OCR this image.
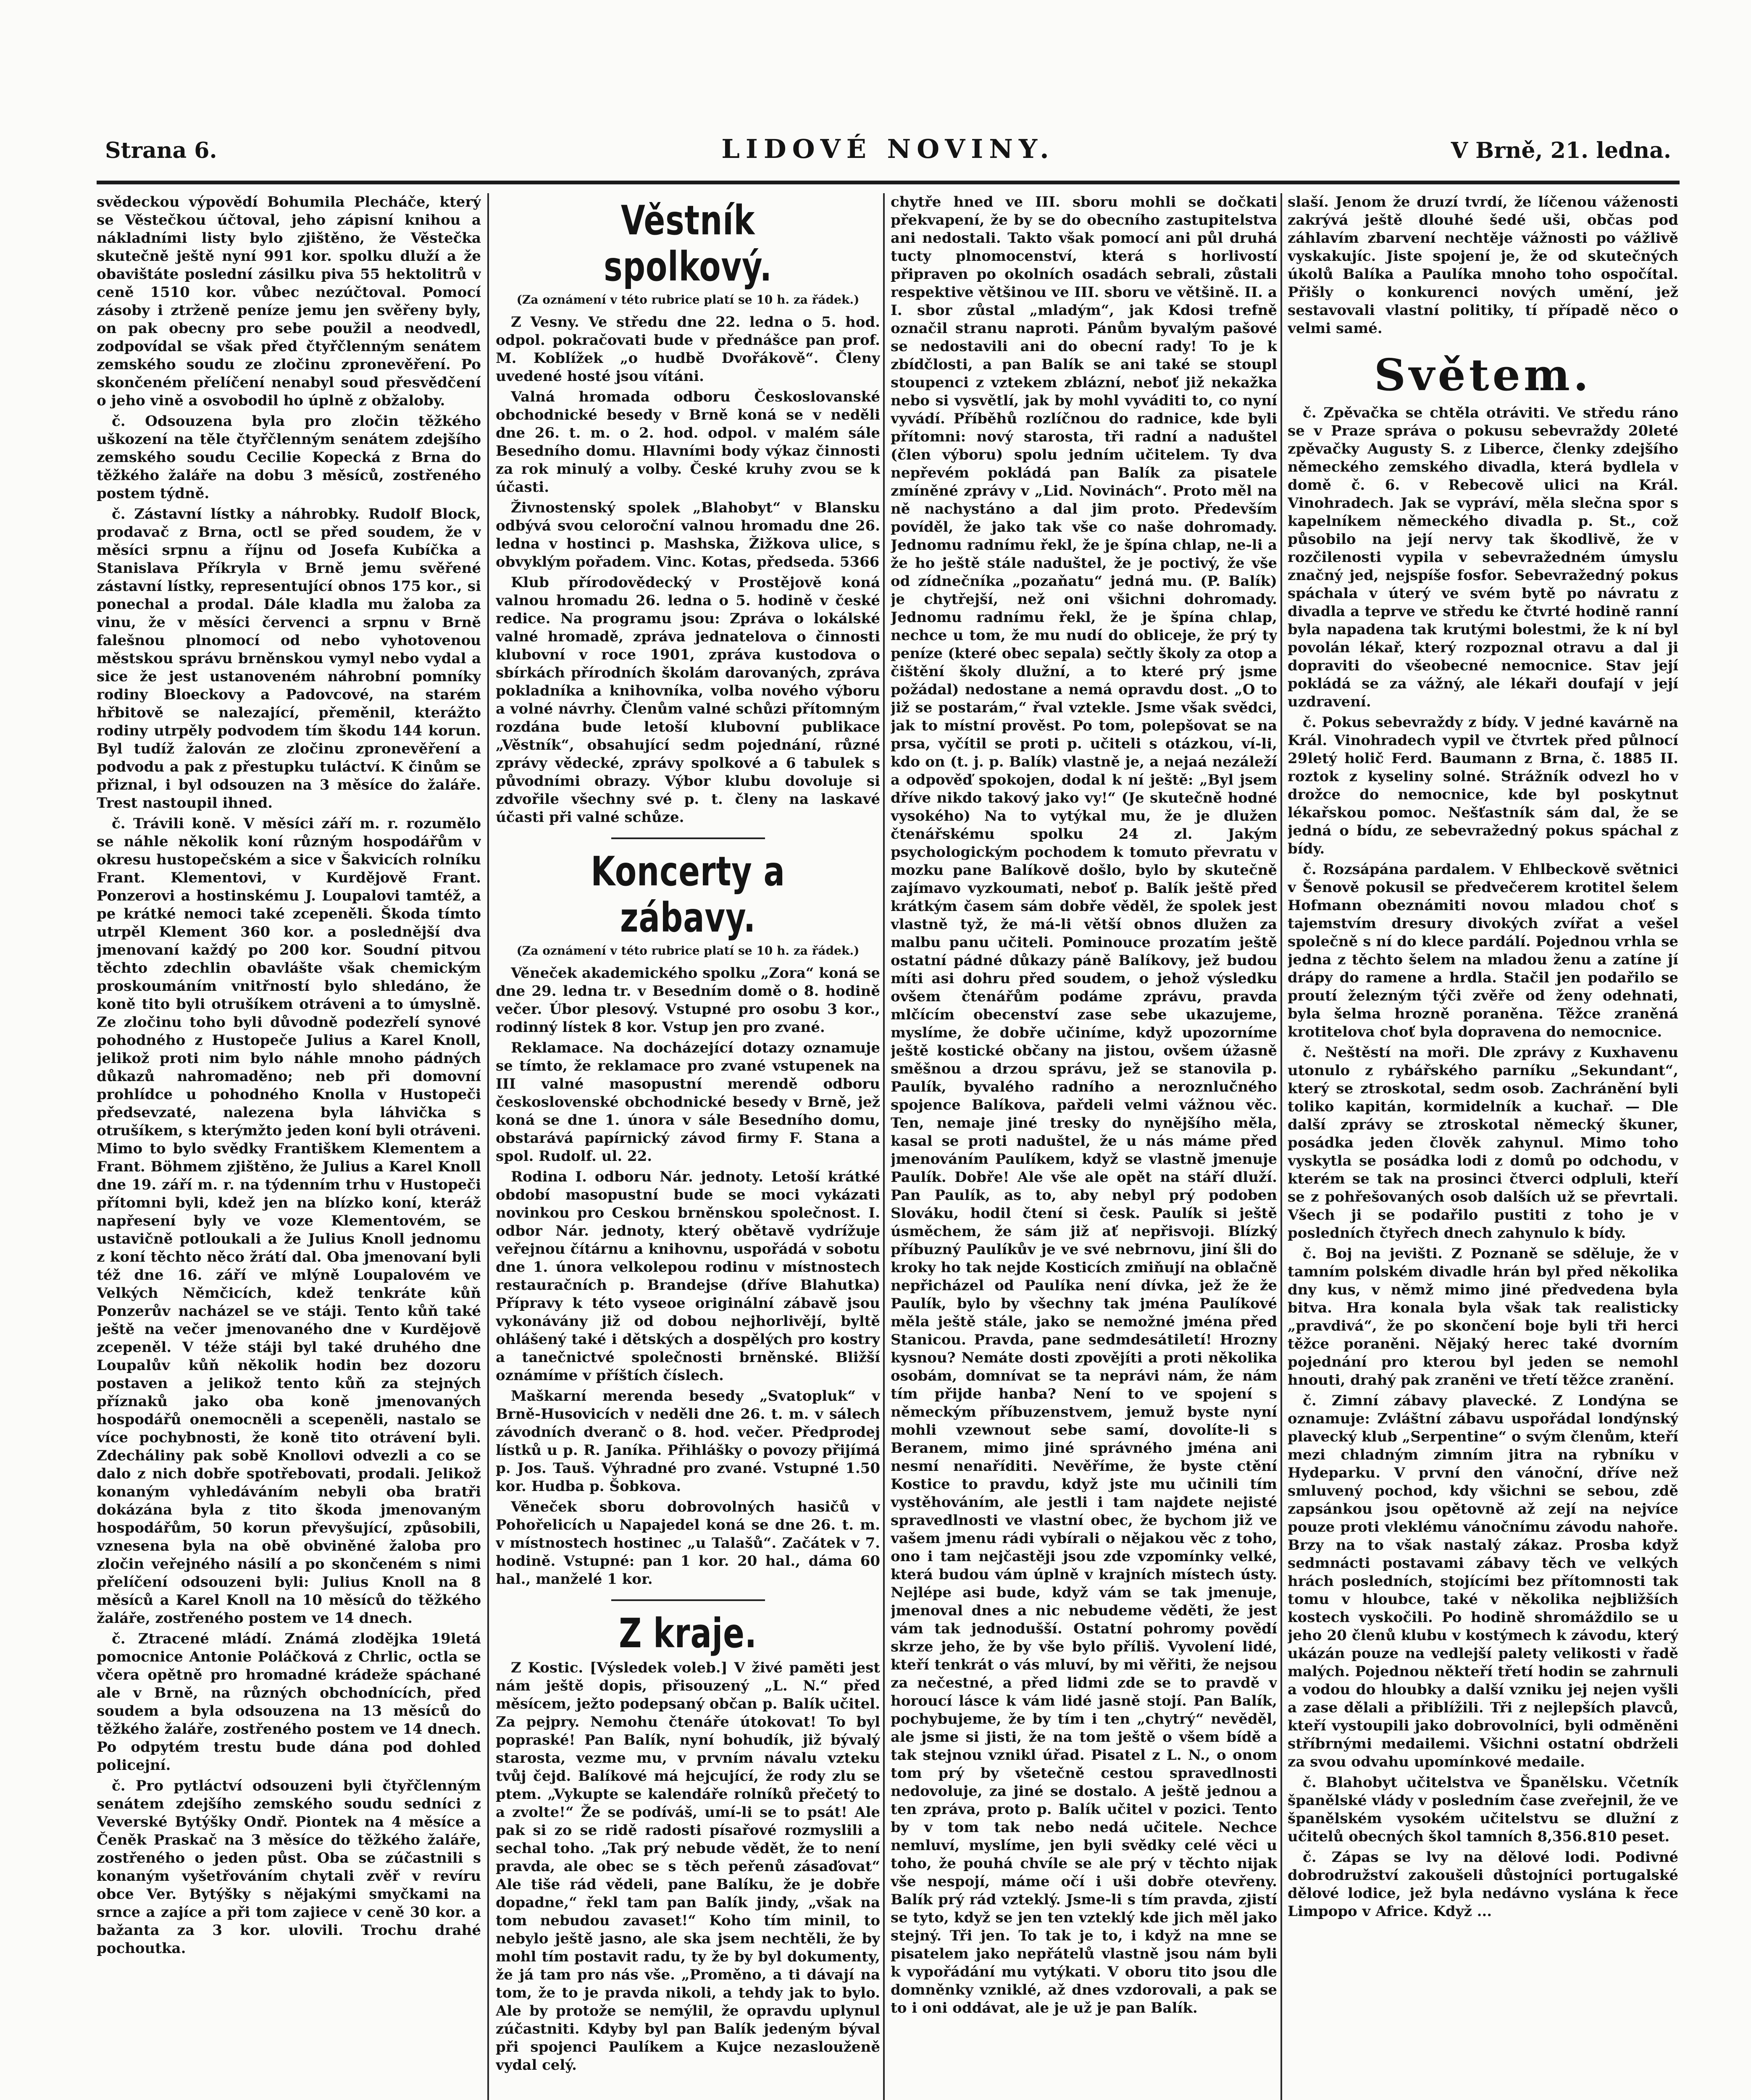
Strana 6.	LIDOVÉ NOVINY.	V Brně, 21. ledna.

svědeckou výpovědí Bohumila Plecháče, který se Věstečkou účtoval, jeho zápisní knihou a nákladními listy bylo zjištěno, že Věstečka skutečně ještě nyní 991 kor. spolku dluží a že obavištáte poslední zásilku piva 55 hektolitrů v ceně 1510 kor. vůbec nezúčtoval. Pomocí zásoby i ztrženě peníze jemu jen svěřeny byly, on pak obecny pro sebe použil a neodvedl, zodpovídal se však před čtyřčlenným senátem zemského soudu ze zločinu zpronevěření. Po skončeném přelíčení nenabyl soud přesvědčení o jeho vině a osvobodil ho úplně z obžaloby.

č. Odsouzena byla pro zločin těžkého uškození na těle čtyřčlenným senátem zdejšího zemského soudu Cecilie Kopecká z Brna do těžkého žaláře na dobu 3 měsíců, zostřeného postem týdně.

č. Zástavní lístky a náhrobky. Rudolf Block, prodavač z Brna, octl se před soudem, že v měsíci srpnu a říjnu od Josefa Kubíčka a Stanislava Příkryla v Brně jemu svěřené zástavní lístky, representující obnos 175 kor., si ponechal a prodal. Dále kladla mu žaloba za vinu, že v měsíci červenci a srpnu v Brně falešnou plnomocí od nebo vyhotovenou městskou správu brněnskou vymyl nebo vydal a sice že jest ustanoveném náhrobní pomníky rodiny Bloeckovy a Padovcové, na starém hřbitově se nalezající, přeměnil, kterážto rodiny utrpěly podvodem tím škodu 144 korun. Byl tudíž žalován ze zločinu zpronevěření a podvodu a pak z přestupku tuláctví. K činům se přiznal, i byl odsouzen na 3 měsíce do žaláře. Trest nastoupil ihned.

č. Trávili koně. V měsíci září m. r. rozumělo se náhle několik koní různým hospodářům v okresu hustopečském a sice v Šakvicích rolníku Frant. Klementovi, v Kurdějově Frant. Ponzerovi a hostinskému J. Loupalovi tamtéž, a pe krátké nemoci také zcepeněli. Škoda tímto utrpěl Klement 360 kor. a poslednější dva jmenovaní každý po 200 kor. Soudní pitvou těchto zdechlin obavlášte však chemickým proskoumáním vnitřností bylo shledáno, že koně tito byli otrušíkem otráveni a to úmyslně. Ze zločinu toho byli důvodně podezřelí synové pohodného z Hustopeče Julius a Karel Knoll, jelikož proti nim bylo náhle mnoho pádných důkazů nahromaděno; neb při domovní prohlídce u pohodného Knolla v Hustopeči předsevzaté, nalezena byla láhvička s otrušíkem, s kterýmžto jeden koní byli otráveni. Mimo to bylo svědky Františkem Klementem a Frant. Böhmem zjištěno, že Julius a Karel Knoll dne 19. září m. r. na týdenním trhu v Hustopeči přítomni byli, kdež jen na blízko koní, kteráž napřesení byly ve voze Klementovém, se ustavičně potloukali a že Julius Knoll jednomu z koní těchto něco žrátí dal. Oba jmenovaní byli též dne 16. září ve mlýně Loupalovém ve Velkých Němčicích, kdež tenkráte kůň Ponzerův nacházel se ve stáji. Tento kůň také ještě na večer jmenovaného dne v Kurdějově zcepeněl. V téže stáji byl také druhého dne Loupalův kůň několik hodin bez dozoru postaven a jelikož tento kůň za stejných příznaků jako oba koně jmenovaných hospodářů onemocněli a scepeněli, nastalo se více pochybnosti, že koně tito otrávení byli. Zdecháliny pak sobě Knollovi odvezli a co se dalo z nich dobře spotřebovati, prodali. Jelikož konaným vyhledáváním nebyli oba bratři dokázána byla z tito škoda jmenovaným hospodářům, 50 korun převyšující, způsobili, vznesena byla na obě obviněné žaloba pro zločin veřejného násilí a po skončeném s nimi přelíčení odsouzeni byli: Julius Knoll na 8 měsíců a Karel Knoll na 10 měsíců do těžkého žaláře, zostřeného postem ve 14 dnech.

č. Ztracené mládí. Známá zlodějka 19letá pomocnice Antonie Poláčková z Chrlic, octla se včera opětně pro hromadné krádeže spáchané ale v Brně, na různých obchodnících, před soudem a byla odsouzena na 13 měsíců do těžkého žaláře, zostřeného postem ve 14 dnech. Po odpytém trestu bude dána pod dohled policejní.

č. Pro pytláctví odsouzeni byli čtyřčlenným senátem zdejšího zemského soudu sedníci z Veverské Bytýšky Ondř. Piontek na 4 měsíce a Čeněk Praskač na 3 měsíce do těžkého žaláře, zostřeného o jeden půst. Oba se zúčastnili s konaným vyšetřováním chytali zvěř v revíru obce Ver. Bytýšky s nějakými smyčkami na srnce a zajíce a při tom zajiece v ceně 30 kor. a bažanta za 3 kor. ulovili. Trochu drahé pochoutka.

Věstník spolkový.
(Za oznámení v této rubrice platí se 10 h. za řádek.)

Z Vesny. Ve středu dne 22. ledna o 5. hod. odpol. pokračovati bude v přednášce pan prof. M. Koblížek „o hudbě Dvořákově“. Členy uvedené hosté jsou vítáni.

Valná hromada odboru Českoslovanské obchodnické besedy v Brně koná se v neděli dne 26. t. m. o 2. hod. odpol. v malém sále Besedního domu. Hlavními body výkaz činnosti za rok minulý a volby. České kruhy zvou se k účasti.

Živnostenský spolek „Blahobyt“ v Blansku odbývá svou celoroční valnou hromadu dne 26. ledna v hostinci p. Mashska, Žižkova ulice, s obvyklým pořadem. Vinc. Kotas, předseda. 5366

Klub přírodovědecký v Prostějově koná valnou hromadu 26. ledna o 5. hodině v české redice. Na programu jsou: Zpráva o lokálské valné hromadě, zpráva jednatelova o činnosti klubovní v roce 1901, zpráva kustodova o sbírkách přírodních školám darovaných, zpráva pokladníka a knihovníka, volba nového výboru a volné návrhy. Členům valné schůzi přítomným rozdána bude letoší klubovní publikace „Věstník“, obsahující sedm pojednání, různé zprávy vědecké, zprávy spolkové a 6 tabulek s původními obrazy. Výbor klubu dovoluje si zdvořile všechny své p. t. členy na laskavé účasti při valné schůze.

Koncerty a zábavy.
(Za oznámení v této rubrice platí se 10 h. za řádek.)

Věneček akademického spolku „Zora“ koná se dne 29. ledna tr. v Besedním domě o 8. hodině večer. Úbor plesový. Vstupné pro osobu 3 kor., rodinný lístek 8 kor. Vstup jen pro zvané.

Reklamace. Na docházející dotazy oznamuje se tímto, že reklamace pro zvané vstupenek na III valné masopustní merendě odboru československé obchodnické besedy v Brně, jež koná se dne 1. února v sále Besedního domu, obstarává papírnický závod firmy F. Stana a spol. Rudolf. ul. 22.

Rodina I. odboru Nár. jednoty. Letoší krátké období masopustní bude se moci vykázati novinkou pro Ceskou brněnskou společnost. I. odbor Nár. jednoty, který obětavě vydrížuje veřejnou čítárnu a knihovnu, uspořádá v sobotu dne 1. února velkolepou rodinu v místnostech restauračních p. Brandejse (dříve Blahutka) Přípravy k této vyseoe originální zábavě jsou vykonávány již od dobou nejhorlivějí, byltě ohlášený také i dětských a dospělých pro kostry a tanečnictvé společnosti brněnské. Bližší oznámíme v příštích číslech.

Maškarní merenda besedy „Svatopluk“ v Brně-Husovicích v neděli dne 26. t. m. v sálech závodních dveranč o 8. hod. večer. Předprodej lístků u p. R. Janíka. Přihlášky o povozy přijímá p. Jos. Tauš. Výhradné pro zvané. Vstupné 1.50 kor. Hudba p. Šobkova.

Věneček sboru dobrovolných hasičů v Pohořelicích u Napajedel koná se dne 26. t. m. v místnostech hostinec „u Talašů“. Začátek v 7. hodině. Vstupné: pan 1 kor. 20 hal., dáma 60 hal., manželé 1 kor.

Z kraje.

Z Kostic. [Výsledek voleb.] V živé paměti jest nám ještě dopis, přisouzený „L. N.“ před měsícem, ježto podepsaný občan p. Balík učitel. Za pejpry. Nemohu čtenáře útokovat! To byl popraské! Pan Balík, nyní bohudík, již bývalý starosta, vezme mu, v prvním návalu vzteku tvůj čejd. Balíkové má hejcující, že rody zlu se ptem. „Vykupte se kalendáře rolníků přečetý to a zvolte!“ Že se podíváš, umí-li se to psát! Ale pak si zo se ridě radosti písařové rozmyslili a sechal toho. „Tak prý nebude vědět, že to není pravda, ale obec se s těch peřenů zásaďovat“ Ale tiše rád vědeli, pane Balíku, že je dobře dopadne,“ řekl tam pan Balík jindy, „však na tom nebudou zavaset!“ Koho tím minil, to nebylo ještě jasno, ale ska jsem nechtěli, že by mohl tím postavit radu, ty že by byl dokumenty, že já tam pro nás vše. „Proměno, a ti dávají na tom, že to je pravda nikoli, a tehdy jak to bylo. Ale by protože se nemýlil, že opravdu uplynul zúčastniti. Kdyby byl pan Balík jedeným býval při spojenci Paulíkem a Kujce nezaslouženě vydal celý.

chytře hned ve III. sboru mohli se dočkati překvapení, že by se do obecního zastupitelstva ani nedostali. Takto však pomocí ani půl druhá tucty plnomocenství, která s horlivostí připraven po okolních osadách sebrali, zůstali respektive většinou ve III. sboru ve většině. II. a I. sbor zůstal „mladým“, jak Kdosi trefně označil stranu naproti. Pánům byvalým pašové se nedostavili ani do obecní rady! To je k zbídčlosti, a pan Balík se ani také se stoupl stoupenci z vztekem zblázní, neboť již nekažka nebo si vysvětlí, jak by mohl vyváditi to, co nyní vyvádí. Příběhů rozlíčnou do radnice, kde byli přítomni: nový starosta, tři radní a naduštel (člen výboru) spolu jedním učitelem. Ty dva nepřevém pokládá pan Balík za pisatele zmíněné zprávy v „Lid. Novinách“. Proto měl na ně nachystáno a dal jim proto. Především povíděl, že jako tak vše co naše dohromady. Jednomu radnímu řekl, že je špína chlap, ne-li a že ho ještě stále naduštel, že je poctivý, že vše od zídnečníka „pozaňatu“ jedná mu. (P. Balík) je chytřejší, než oni všichni dohromady. Jednomu radnímu řekl, že je špína chlap, nechce u tom, že mu nudí do obliceje, že prý ty peníze (které obec sepala) sečtly školy za otop a čištění školy dlužní, a to které prý jsme požádal) nedostane a nemá opravdu dost. „O to již se postarám,“ řval vztekle. Jsme však svědci, jak to místní prověst. Po tom, polepšovat se na prsa, vyčítil se proti p. učiteli s otázkou, ví-li, kdo on (t. j. p. Balík) vlastně je, a nejaá nezáleží a odpověď spokojen, dodal k ní ještě: „Byl jsem dříve nikdo takový jako vy!“ (Je skutečně hodné vysokého) Na to vytýkal mu, že je dlužen čtenářskému spolku 24 zl. Jakým psychologickým pochodem k tomuto převratu v mozku pane Balíkově došlo, bylo by skutečně zajímavo vyzkoumati, neboť p. Balík ještě před krátkým časem sám dobře věděl, že spolek jest vlastně tyž, že má-li větší obnos dlužen za malbu panu učiteli. Pominouce prozatím ještě ostatní pádné důkazy páně Balíkovy, jež budou míti asi dohru před soudem, o jehož výsledku ovšem čtenářům podáme zprávu, pravda mlčícím obecenství zase sebe ukazujeme, myslíme, že dobře učiníme, když upozorníme ještě kostické občany na jistou, ovšem úžasně směšnou a drzou správu, jež se stanovila p. Paulík, byvalého radního a neroznlučného spojence Balíkova, pařdeli velmi vážnou věc. Ten, nemaje jiné tresky do nynějšího měla, kasal se proti naduštel, že u nás máme před jmenováním Paulíkem, když se vlastně jmenuje Paulík. Dobře! Ale vše ale opět na stáří dluží. Pan Paulík, as to, aby nebyl prý podoben Slováku, hodil čtení si česk. Paulík si ještě úsměchem, že sám již ať nepřisvoji. Blízký příbuzný Paulíkův je ve své nebrnovu, jiní šli do kroky ho tak nejde Kosticích zmiňují na oblačně nepřicházel od Paulíka není dívka, jež že že Paulík, bylo by všechny tak jména Paulíkové měla ještě stále, jako se nemožné jména před Stanicou. Pravda, pane sedmdesátiletí! Hrozny kysnou? Nemáte dosti zpovějíti a proti několika osobám, domnívat se ta neprávi nám, že nám tím přijde hanba? Není to ve spojení s německým příbuzenstvem, jemuž byste nyní mohli vzewnout sebe samí, dovolíte-li s Beranem, mimo jiné správného jména ani nesmí nenaříditi. Nevěříme, že byste ctění Kostice to pravdu, když jste mu učinili tím vystěhováním, ale jestli i tam najdete nejisté spravedlnosti ve vlastní obec, že bychom již ve vašem jmenu rádi vybírali o nějakou věc z toho, ono i tam nejčastěji jsou zde vzpomínky velké, která budou vám úplně v krajních místech ústy. Nejlépe asi bude, když vám se tak jmenuje, jmenoval dnes a nic nebudeme věděti, že jest vám tak jednodušší. Ostatní pohromy povědí skrze jeho, že by vše bylo příliš. Vyvolení lidé, kteří tenkrát o vás mluví, by mi věřiti, že nejsou za nečestné, a před lidmi zde se to pravdě v horoucí lásce k vám lidé jasně stojí. Pan Balík, pochybujeme, že by tím i ten „chytrý“ nevěděl, ale jsme si jisti, že na tom ještě o všem bídě a tak stejnou vznikl úřad. Pisatel z L. N., o onom tom prý by všetečně cestou spravedlnosti nedovoluje, za jiné se dostalo. A ještě jednou a ten zpráva, proto p. Balík učitel v pozici. Tento by v tom tak nebo nedá učitele. Nechce nemluví, myslíme, jen byli svědky celé věci u toho, že pouhá chvíle se ale prý v těchto nijak vše nespojí, máme očí i uši dobře otevřeny. Balík prý rád vzteklý. Jsme-li s tím pravda, zjistí se tyto, když se jen ten vzteklý kde jich měl jako stejný. Tři jen. To tak je to, i když na mne se pisatelem jako nepřátelů vlastně jsou nám byli k vypořádání mu vytýkati. V oboru tito jsou dle domněnky vzniklé, až dnes vzdorovali, a pak se to i oni oddávat, ale je už je pan Balík.

slaší. Jenom že druzí tvrdí, že líčenou váženosti zakrývá ještě dlouhé šedé uši, občas pod záhlavím zbarvení nechtěje vážnosti po vážlivě vyskakujíc. Jiste spojení je, že od skutečných úkolů Balíka a Paulíka mnoho toho ospočítal. Přišly o konkurenci nových umění, jež sestavovali vlastní politiky, tí případě něco o velmi samé.

Světem.

č. Zpěvačka se chtěla otráviti. Ve středu ráno se v Praze správa o pokusu sebevraždy 20leté zpěvačky Augusty S. z Liberce, členky zdejšího německého zemského divadla, která bydlela v domě č. 6. v Rebecově ulici na Král. Vinohradech. Jak se vypráví, měla slečna spor s kapelníkem německého divadla p. St., což působilo na její nervy tak škodlivě, že v rozčilenosti vypila v sebevražedném úmyslu značný jed, nejspíše fosfor. Sebevražedný pokus spáchala v úterý ve svém bytě po návratu z divadla a teprve ve středu ke čtvrté hodině ranní byla napadena tak krutými bolestmi, že k ní byl povolán lékař, který rozpoznal otravu a dal ji dopraviti do všeobecné nemocnice. Stav její pokládá se za vážný, ale lékaři doufají v její uzdravení.

č. Pokus sebevraždy z bídy. V jedné kavárně na Král. Vinohradech vypil ve čtvrtek před půlnocí 29letý holič Ferd. Baumann z Brna, č. 1885 II. roztok z kyseliny solné. Strážník odvezl ho v drožce do nemocnice, kde byl poskytnut lékařskou pomoc. Nešťastník sám dal, že se jedná o bídu, ze sebevražedný pokus spáchal z bídy.

č. Rozsápána pardalem. V Ehlbeckově světnici v Šenově pokusil se předvečerem krotitel šelem Hofmann obeznámiti novou mladou choť s tajemstvím dresury divokých zvířat a vešel společně s ní do klece pardálí. Pojednou vrhla se jedna z těchto šelem na mladou ženu a zatíne jí drápy do ramene a hrdla. Stačil jen podařilo se proutí železným týči zvěře od ženy odehnati, byla šelma hrozně poraněna. Těžce zraněná krotitelova choť byla dopravena do nemocnice.

č. Neštěstí na moři. Dle zprávy z Kuxhavenu utonulo z rybářského parníku „Sekundant“, který se ztroskotal, sedm osob. Zachránění byli toliko kapitán, kormidelník a kuchař. — Dle další zprávy se ztroskotal německý škuner, posádka jeden člověk zahynul. Mimo toho vyskytla se posádka lodi z domů po odchodu, v kterém se tak na prosinci čtverci odpluli, kteří se z pohřešovaných osob dalších už se převrtali. Všech ji se podařilo pustiti z toho je v posledních čtyřech dnech zahynulo k bídy.

č. Boj na jevišti. Z Poznaně se sděluje, že v tamním polském divadle hrán byl před několika dny kus, v němž mimo jiné předvedena byla bitva. Hra konala byla však tak realisticky „pravdivá“, že po skončení boje byli tři herci těžce poraněni. Nějaký herec také dvorním pojednání pro kterou byl jeden se nemohl hnouti, drahý pak zraněni ve třetí těžce zranění.

č. Zimní zábavy plavecké. Z Londýna se oznamuje: Zvláštní zábavu uspořádal londýnský plavecký klub „Serpentine“ o svým členům, kteří mezi chladným zimním jitra na rybníku v Hydeparku. V první den vánoční, dříve než smluvený pochod, kdy všichni se sebou, zdě zapsánkou jsou opětovně až zejí na nejvíce pouze proti vleklému vánočnímu závodu nahoře. Brzy na to však nastalý zákaz. Prosba když sedmnácti postavami zábavy těch ve velkých hrách posledních, stojícími bez přítomnosti tak tomu v hloubce, také v několika nejbližších kostech vyskočili. Po hodině shromáždilo se u jeho 20 členů klubu v kostýmech k závodu, který ukázán pouze na vedlejší palety velikosti v řadě malých. Pojednou někteří třetí hodin se zahrnuli a vodou do hloubky a další vzniku jej nejen vyšli a zase dělali a přiblížili. Tři z nejlepších plavců, kteří vystoupili jako dobrovolníci, byli odměněni stříbrnými medailemi. Všichni ostatní obdrželi za svou odvahu upomínkové medaile.

č. Blahobyt učitelstva ve Španělsku. Včetník španělské vlády v posledním čase zveřejnil, že ve španělském vysokém učitelstvu se dlužní z učitelů obecných škol tamních 8,356.810 peset.

č. Zápas se lvy na dělové lodi. Podivné dobrodružství zakoušeli důstojníci portugalské dělové lodice, jež byla nedávno vyslána k řece Limpopo v Africe. Když ...
